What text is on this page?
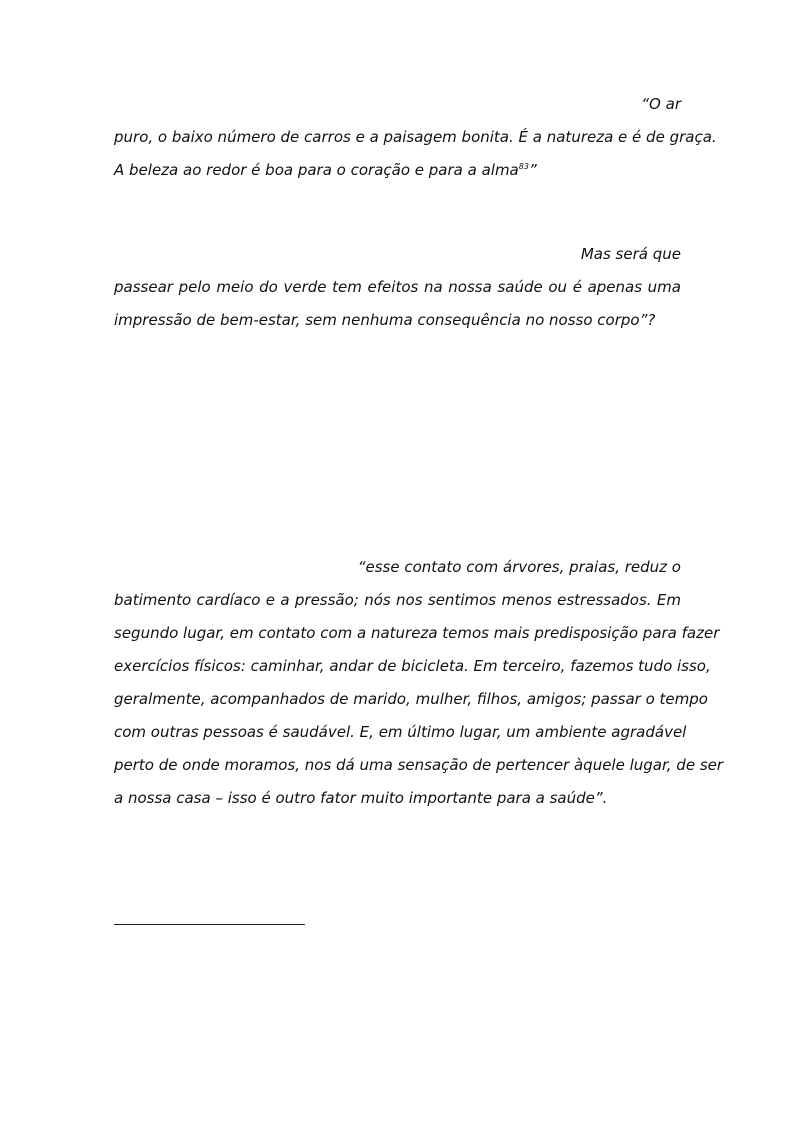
“O ar
puro, o baixo número de carros e a paisagem bonita. É a natureza e é de graça.
A beleza ao redor é boa para o coração e para a alma$^{83}$”
Mas será que
passear pelo meio do verde tem efeitos na nossa saúde ou é apenas uma
impressão de bem-estar, sem nenhuma consequência no nosso corpo”?
“esse contato com árvores, praias, reduz o
batimento cardíaco e a pressão; nós nos sentimos menos estressados. Em
segundo lugar, em contato com a natureza temos mais predisposição para fazer
exercícios físicos: caminhar, andar de bicicleta. Em terceiro, fazemos tudo isso,
geralmente, acompanhados de marido, mulher, filhos, amigos; passar o tempo
com outras pessoas é saudável. E, em último lugar, um ambiente agradável
perto de onde moramos, nos dá uma sensação de pertencer àquele lugar, de ser
a nossa casa – isso é outro fator muito importante para a saúde”.
